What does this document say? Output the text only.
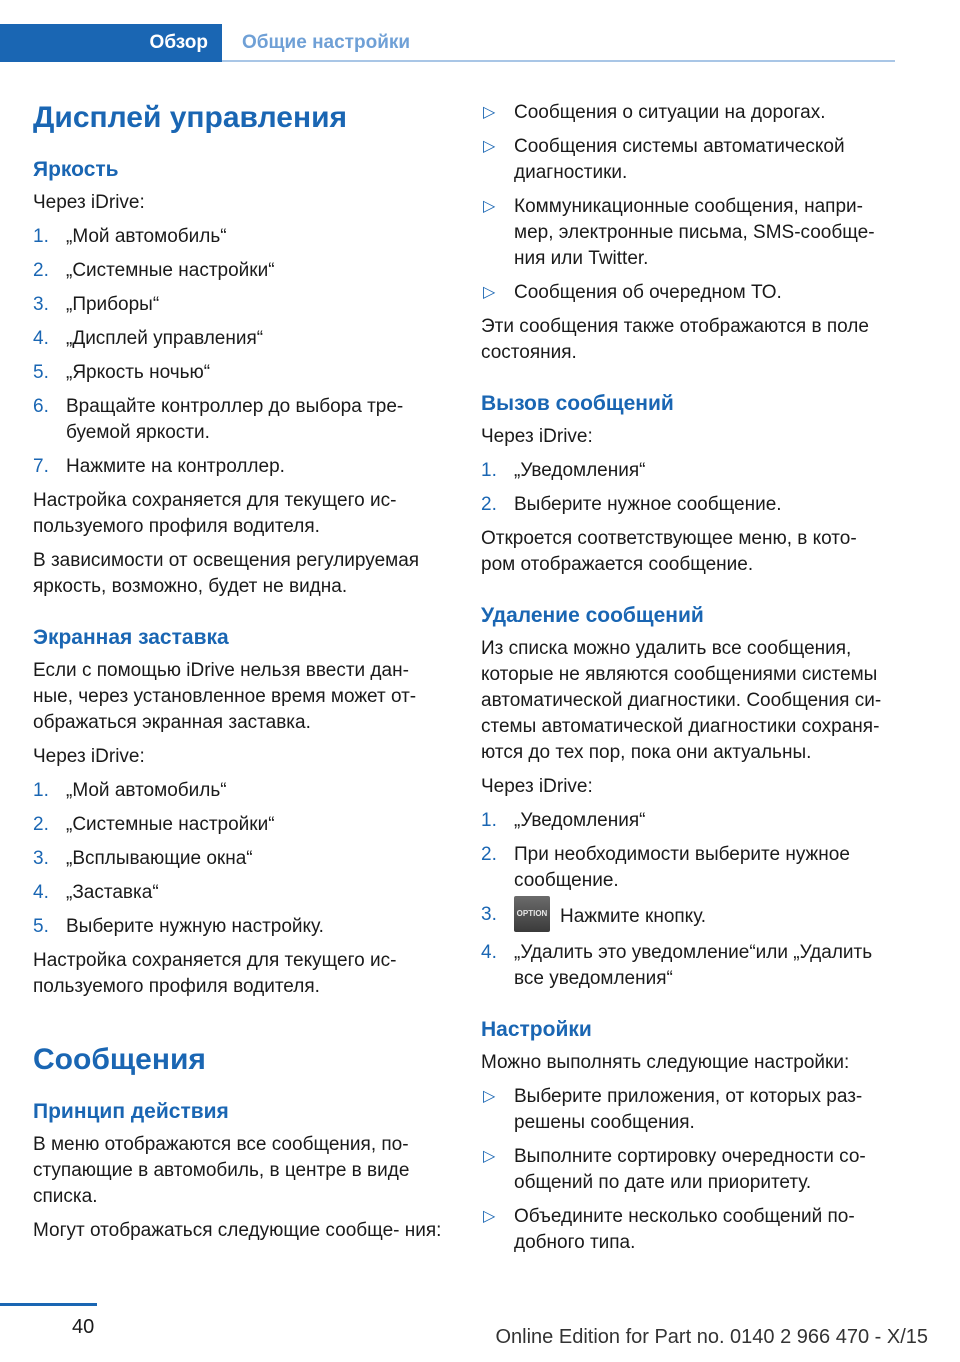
Обзор	Общие настройки
Дисплей управления
Яркость

Через iDrive:

1. „Мой автомобиль“
2. „Системные настройки“
3. „Приборы“
4. „Дисплей управления“
5. „Яркость ночью“
6. Вращайте контроллер до выбора тре‐ буемой яркости.
7. Нажмите на контроллер.

Настройка сохраняется для текущего ис‐ пользуемого профиля водителя.

В зависимости от освещения регулируемая яркость, возможно, будет не видна.

Экранная заставка

Если с помощью iDrive нельзя ввести дан‐ ные, через установленное время может от‐ ображаться экранная заставка.

Через iDrive:

1. „Мой автомобиль“
2. „Системные настройки“
3. „Всплывающие окна“
4. „Заставка“
5. Выберите нужную настройку.

Настройка сохраняется для текущего ис‐ пользуемого профиля водителя.

Сообщения
Принцип действия

В меню отображаются все сообщения, по‐ ступающие в автомобиль, в центре в виде списка.

Могут отображаться следующие сообще‐ ния:

▷ Сообщения о ситуации на дорогах.
▷ Сообщения системы автоматической диагностики.
▷ Коммуникационные сообщения, напри‐ мер, электронные письма, SMS-сообще‐ ния или Twitter.
▷ Сообщения об очередном ТО.

Эти сообщения также отображаются в поле состояния.

Вызов сообщений

Через iDrive:

1. „Уведомления“
2. Выберите нужное сообщение.

Откроется соответствующее меню, в кото‐ ром отображается сообщение.

Удаление сообщений

Из списка можно удалить все сообщения, которые не являются сообщениями системы автоматической диагностики. Сообщения си‐ стемы автоматической диагностики сохраня‐ ются до тех пор, пока они актуальны.

Через iDrive:

1. „Уведомления“
2. При необходимости выберите нужное сообщение.
3. OPTION Нажмите кнопку.
4. „Удалить это уведомление“или „Удалить все уведомления“
Настройки

Можно выполнять следующие настройки:

▷ Выберите приложения, от которых раз‐ решены сообщения.
▷ Выполните сортировку очередности со‐ общений по дате или приоритету.
▷ Объедините несколько сообщений по‐ добного типа.
40	Online Edition for Part no. 0140 2 966 470 - X/15
